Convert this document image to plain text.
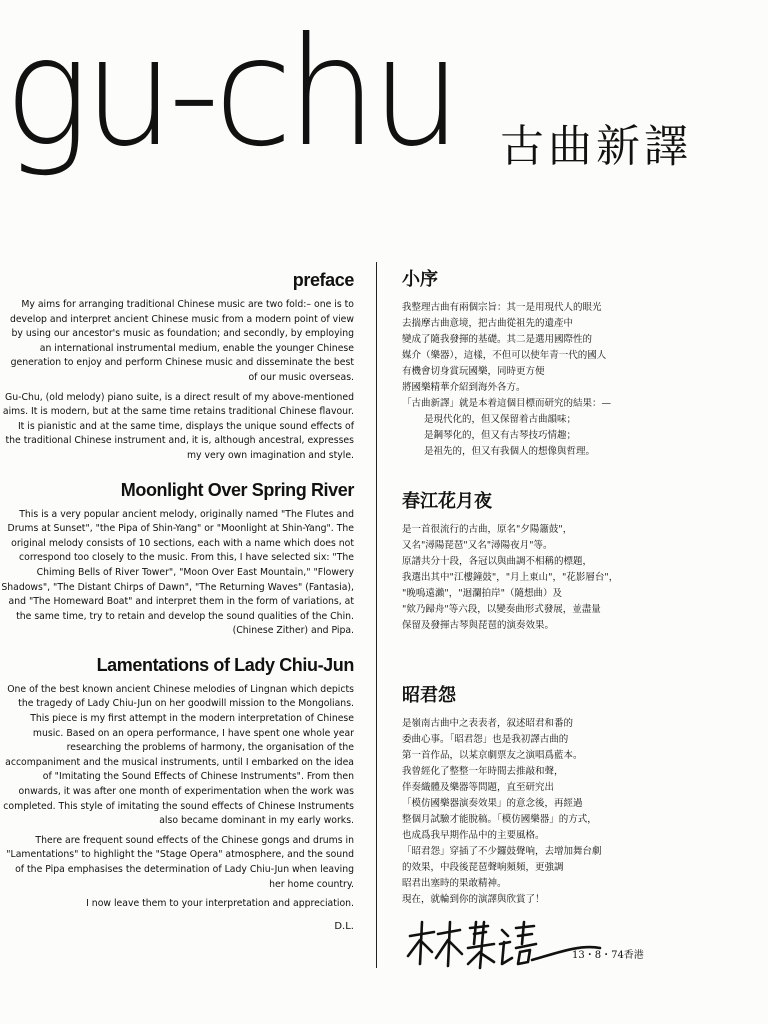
gu-chu 古曲新譯
preface

My aims for arranging traditional Chinese music are two fold:– one is to develop and interpret ancient Chinese music from a modern point of view by using our ancestor's music as foundation; and secondly, by employing an international instrumental medium, enable the younger Chinese generation to enjoy and perform Chinese music and disseminate the best of our music overseas.

Gu-Chu, (old melody) piano suite, is a direct result of my above-mentioned aims. It is modern, but at the same time retains traditional Chinese flavour. It is pianistic and at the same time, displays the unique sound effects of the traditional Chinese instrument and, it is, although ancestral, expresses my very own imagination and style.

Moonlight Over Spring River

This is a very popular ancient melody, originally named "The Flutes and Drums at Sunset", "the Pipa of Shin-Yang" or "Moonlight at Shin-Yang". The original melody consists of 10 sections, each with a name which does not correspond too closely to the music. From this, I have selected six: "The Chiming Bells of River Tower", "Moon Over East Mountain," "Flowery Shadows", "The Distant Chirps of Dawn", "The Returning Waves" (Fantasia), and "The Homeward Boat" and interpret them in the form of variations, at the same time, try to retain and develop the sound qualities of the Chin. (Chinese Zither) and Pipa.

Lamentations of Lady Chiu-Jun

One of the best known ancient Chinese melodies of Lingnan which depicts the tragedy of Lady Chiu-Jun on her goodwill mission to the Mongolians. This piece is my first attempt in the modern interpretation of Chinese music. Based on an opera performance, I have spent one whole year researching the problems of harmony, the organisation of the accompaniment and the musical instruments, until I embarked on the idea of "Imitating the Sound Effects of Chinese Instruments". From then onwards, it was after one month of experimentation when the work was completed. This style of imitating the sound effects of Chinese Instruments also became dominant in my early works.

There are frequent sound effects of the Chinese gongs and drums in "Lamentations" to highlight the "Stage Opera" atmosphere, and the sound of the Pipa emphasises the determination of Lady Chiu-Jun when leaving her home country.

I now leave them to your interpretation and appreciation.

D.L.
小序
我整理古曲有兩個宗旨：其一是用現代人的眼光
去揣摩古曲意境，把古曲從祖先的遺產中
變成了隨我發揮的基礎。其二是選用國際性的
媒介（樂器），這樣，不但可以使年青一代的國人
有機會切身賞玩國樂，同時更方便
將國樂精華介紹到海外各方。
「古曲新譯」就是本着這個目標而研究的結果：—
是現代化的，但又保留着古曲韻味；
是鋼琴化的，但又有古琴技巧情趣；
是祖先的，但又有我個人的想像與哲理。
春江花月夜
是一首很流行的古曲，原名"夕陽簫鼓"，
又名"潯陽琵琶"又名"潯陽夜月"等。
原譜共分十段，各冠以與曲調不相稱的標題，
我選出其中"江樓鐘鼓"，"月上東山"，"花影層台"，
"晚鳴遠瀨"，"迴瀾拍岸"（隨想曲）及
"欸乃歸舟"等六段，以變奏曲形式發展，並盡量
保留及發揮古琴與琵琶的演奏效果。
昭君怨
是嶺南古曲中之表表者，叙述昭君和番的
委曲心事。「昭君怨」也是我初譯古曲的
第一首作品，以某京劇票友之演唱爲藍本。
我曾經化了整整一年時間去推敲和聲，
伴奏織體及樂器等問題，直至研究出
「模仿國樂器演奏效果」的意念後，再經過
整個月試驗才能脫稿。「模仿國樂器」的方式，
也成爲我早期作品中的主要風格。
「昭君怨」穿插了不少鑼鼓聲响，去增加舞台劇
的效果，中段後琵琶聲响頻頻，更強調
昭君出塞時的果敢精神。
現在，就輪到你的演譯與欣賞了！
13・8・74香港
